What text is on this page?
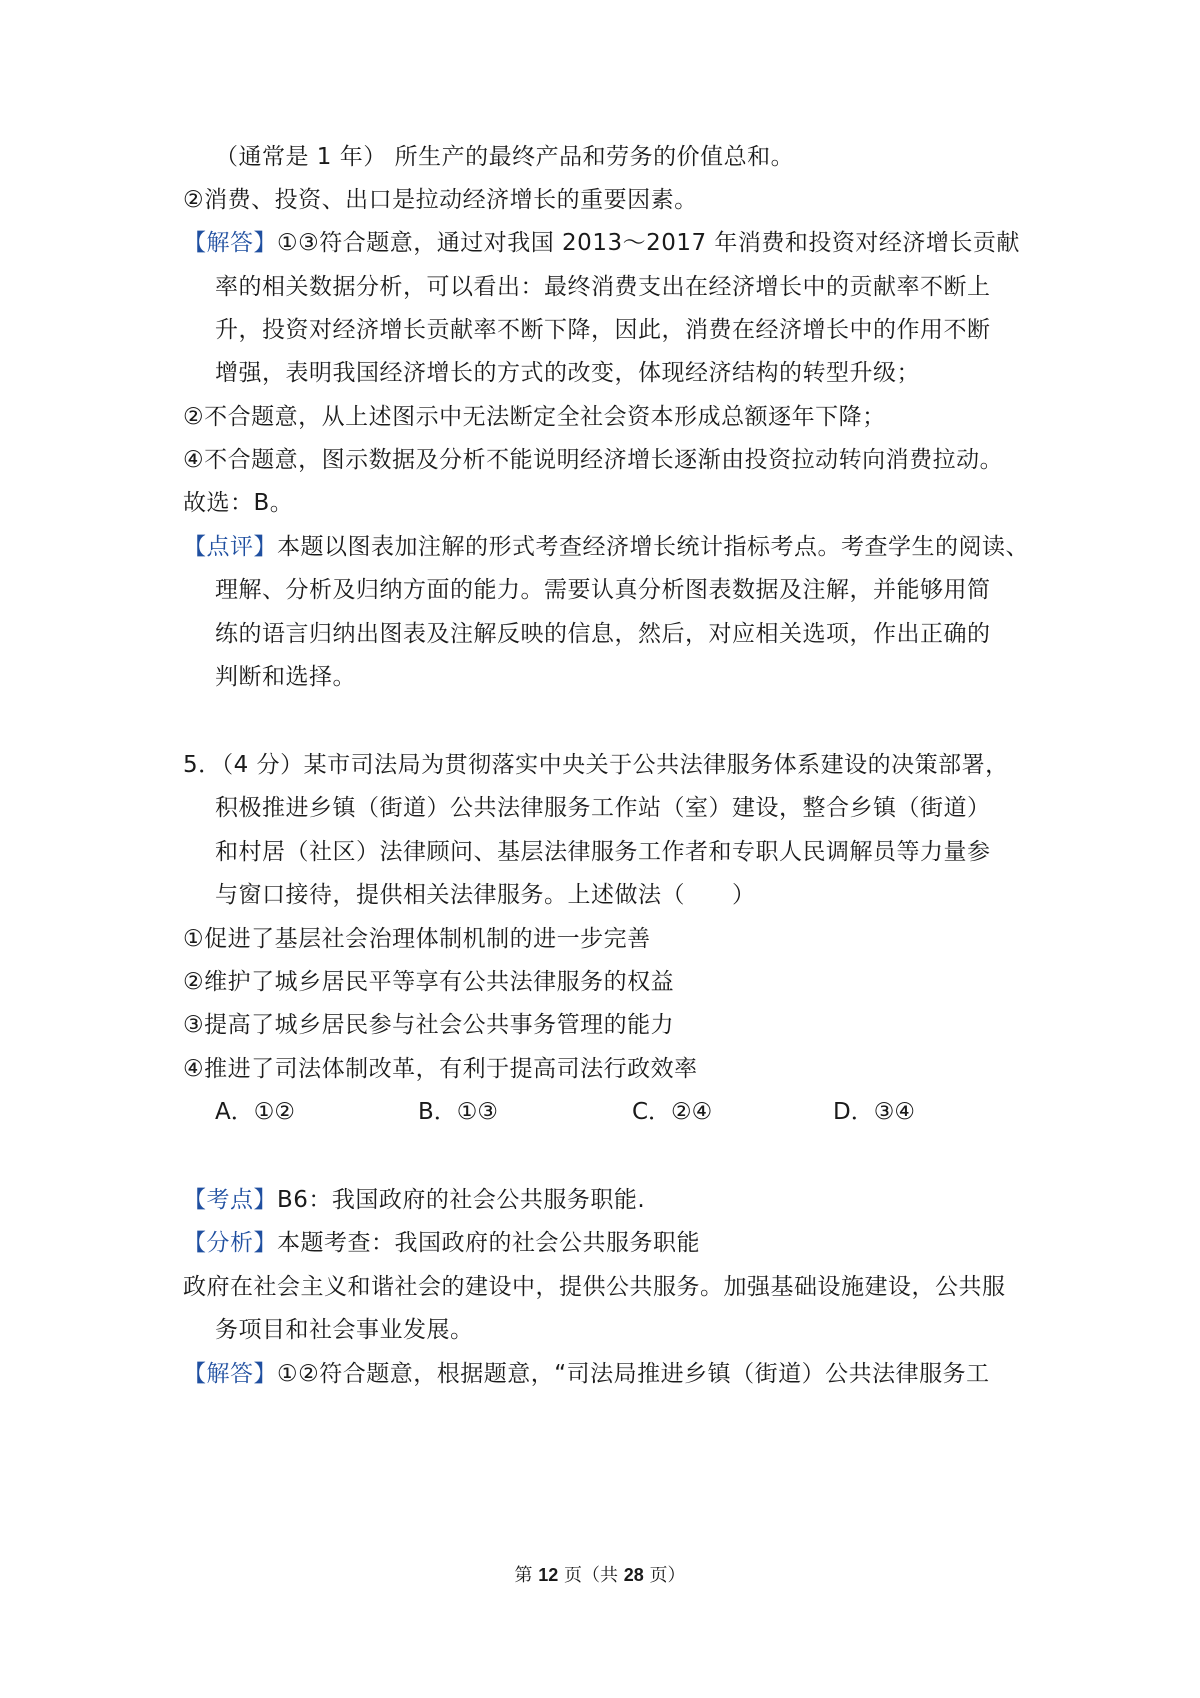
（通常是 1 年） 所生产的最终产品和劳务的价值总和。
②消费、投资、出口是拉动经济增长的重要因素。
【解答】①③符合题意，通过对我国 2013～2017 年消费和投资对经济增长贡献
率的相关数据分析，可以看出：最终消费支出在经济增长中的贡献率不断上
升，投资对经济增长贡献率不断下降，因此，消费在经济增长中的作用不断
增强，表明我国经济增长的方式的改变，体现经济结构的转型升级；
②不合题意，从上述图示中无法断定全社会资本形成总额逐年下降；
④不合题意，图示数据及分析不能说明经济增长逐渐由投资拉动转向消费拉动。
故选：B。
【点评】本题以图表加注解的形式考查经济增长统计指标考点。考查学生的阅读、
理解、分析及归纳方面的能力。需要认真分析图表数据及注解，并能够用简
练的语言归纳出图表及注解反映的信息，然后，对应相关选项，作出正确的
判断和选择。
5．（4 分）某市司法局为贯彻落实中央关于公共法律服务体系建设的决策部署，
积极推进乡镇（街道）公共法律服务工作站（室）建设，整合乡镇（街道）
和村居（社区）法律顾问、基层法律服务工作者和专职人民调解员等力量参
与窗口接待，提供相关法律服务。上述做法（　　）
①促进了基层社会治理体制机制的进一步完善
②维护了城乡居民平等享有公共法律服务的权益
③提高了城乡居民参与社会公共事务管理的能力
④推进了司法体制改革，有利于提高司法行政效率
A．①②	B．①③	C．②④	D．③④
【考点】B6：我国政府的社会公共服务职能.
【分析】本题考查：我国政府的社会公共服务职能
政府在社会主义和谐社会的建设中，提供公共服务。加强基础设施建设，公共服
务项目和社会事业发展。
【解答】①②符合题意，根据题意，“司法局推进乡镇（街道）公共法律服务工
第 12 页（共 28 页）
